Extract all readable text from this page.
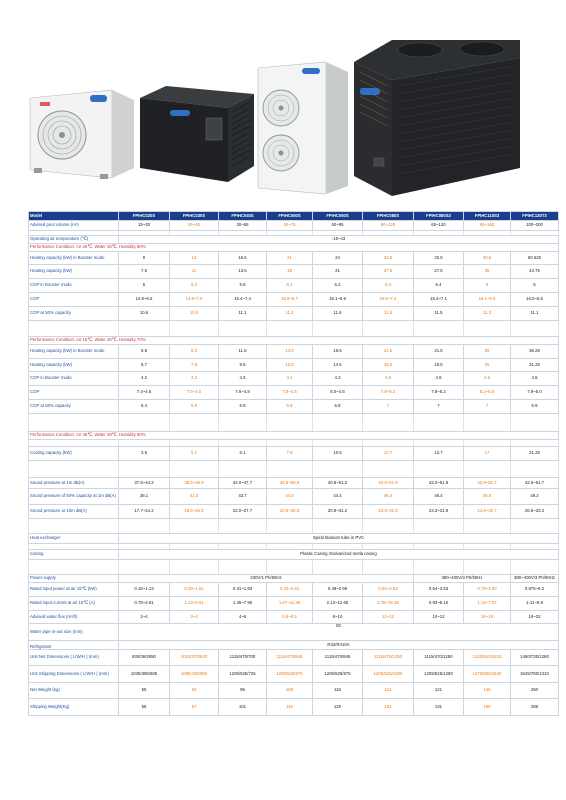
Model	FPIHC020S	FPIHC030S	FPIHC040S	FPIHC050S	FPIHC060S	FPIHC080S	FPIHC080S3	FPIHC110S3	FPIHC130T3
Advised pool volume (m³)	15~30	25~45	30~55	40~75	50~95	60~120	65~120	90~160	100~200

Operating air temperature (℃)	-15~43								
Performance Condition: Air 26℃, Water 26℃, Humidity 80%									
Heating capacity (kW) in Booster mode	9	13	16.5	21	24	32.5	32.5	40.5	50.625
Heating capacity (kW)	7.5	11	13.5	18	21	27.5	27.5	35	43.75
COP in Booster mode	6	6.4	5.6	6.1	6.2	6.4	6.4	6	6
COP	14.8~6.6	14.9~7.0	15.4~7.4	15.9~6.7	16.1~6.9	15.5~7.2	15.4~7.1	16.1~6.6	16.0~6.5
COP at 50% capacity	10.6	10.5	11.1	11.2	11.6	11.5	11.5	11.3	11.1

Performance Condition: Air 15℃, Water 26℃, Humidity 70%									
Heating capacity (kW) in Booster mode	6.8	9.3	11.5	14.5	16.5	21.5	21.5	29	36.25
Heating capacity (kW)	5.7	7.8	9.5	12.6	14.5	18.5	18.5	25	31.25
COP in Booster mode	4.2	4.3	4.5	4.2	4.3	4.6	4.6	4.6	4.5
COP	7.4~4.6	7.5~4.6	7.6~4.8	7.8~4.5	8.0~4.6	7.8~5.2	7.8~5.2	8.2~5.0	7.9~5.0
COP at 50% capacity	6.4	6.8	6.9	6.8	6.8	7	7	7	6.9

Performance Condition: Air 35℃, Water 28℃, Humidity 80%									

Cooling capacity (kW)	3.5	5.1	6.1	7.8	10.5	12.7	12.7	17	21.25

Sound pressure at 1m dB(A)	37.8~44.2	38.6~45.9	42.0~47.7	42.9~50.8	40.8~51.2	43.3~51.9	43.3~51.9	42.8~51.7	42.5~51.7
Sound pressure of 50% capacity at 1m dB(A)	38.1	41.3	43.7	44.5	44.4	46.4	46.4	46.8	49.2
Sound pressure at 10m dB(A)	17.7~24.2	18.6~26.9	22.0~27.7	22.9~30.8	20.8~31.2	23.3~31.9	23.3~31.9	24.8~32.7	26.5~33.2

Heat exchanger	Spiral titanium tube in PVC								

Casing	Plastic Casing /Galvanized metla casing								

Power supply	230V/1 Ph/50Hz						380~400V/3 Ph/50Hz		380~400V/3 Ph/50Hz
Rated input power at air 15℃ (kW)	0.18~1.13	0.28~1.52	0.31~1.83	0.43~2.61	0.49~2.96	0.64~3.53	0.64~3.53	0.78~4.90	0.975~6.2
Rated input current at air 15℃ (A)	0.78~4.91	1.13~6.61	1.35~7.96	1.87~11.35	2.13~12.65	2.78~15.35	0.93~5.10	1.13~7.07	1.41~8.8
Advised water flux (m³/h)	2~4	3~4	4~6	6.5~8.5	8~10	10~12	10~12	16~18	18~22
Water pipe in-out size (mm)	50								
Refrigerant	R32/R410A								
Unit Net Dimensions ( L/W/H ) (mm)	930/360/550	1010/370/620	1115/470/700	1115/470/945	1115/470/945	1115/470/1250	1115/470/1250	1220/510/1515	1450/730/1260
Unit Shipping Dimensions ( L/W/H ) (mm)	1035/395/585	1095/405/650	1205/525/725	1205/525/975	1205/525/975	1205/525/1280	1205/525/1280	1270/555/1540	1545/780/1310
Net Weight (kg)	55	63	95	108	116	121	121	145	250
Shipping Weight(Kg)	58	67	101	116	125	131	131	155	288
